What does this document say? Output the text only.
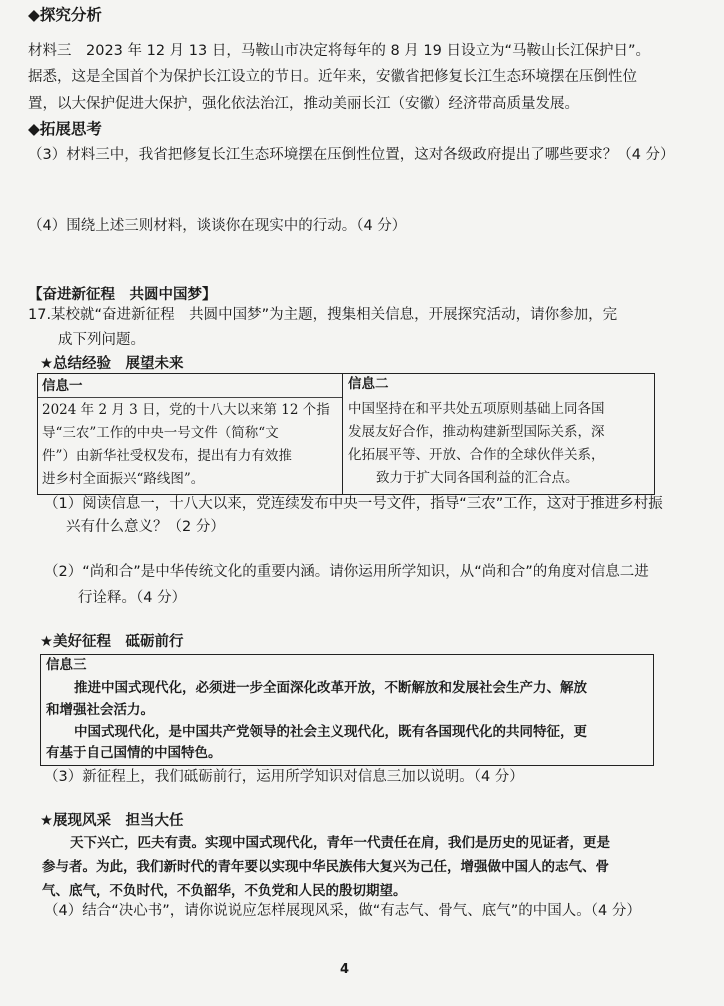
◆探究分析
材料三　2023 年 12 月 13 日，马鞍山市决定将每年的 8 月 19 日设立为“马鞍山长江保护日”。
据悉，这是全国首个为保护长江设立的节日。近年来，安徽省把修复长江生态环境摆在压倒性位
置，以大保护促进大保护，强化依法治江，推动美丽长江（安徽）经济带高质量发展。
◆拓展思考
（3）材料三中，我省把修复长江生态环境摆在压倒性位置，这对各级政府提出了哪些要求？（4 分）
（4）围绕上述三则材料，谈谈你在现实中的行动。（4 分）
【奋进新征程　共圆中国梦】
17.某校就“奋进新征程　共圆中国梦”为主题，搜集相关信息，开展探究活动，请你参加，完
成下列问题。
★总结经验　展望未来
信息一
2024 年 2 月 3 日，党的十八大以来第 12 个指
导“三农”工作的中央一号文件（简称“文
件”）由新华社受权发布，提出有力有效推
进乡村全面振兴“路线图”。
信息二
中国坚持在和平共处五项原则基础上同各国
发展友好合作，推动构建新型国际关系，深
化拓展平等、开放、合作的全球伙伴关系，
致力于扩大同各国利益的汇合点。
（1）阅读信息一，十八大以来，党连续发布中央一号文件，指导“三农”工作，这对于推进乡村振
兴有什么意义？（2 分）
（2）“尚和合”是中华传统文化的重要内涵。请你运用所学知识，从“尚和合”的角度对信息二进
行诠释。（4 分）
★美好征程　砥砺前行
信息三
推进中国式现代化，必须进一步全面深化改革开放，不断解放和发展社会生产力、解放
和增强社会活力。
中国式现代化，是中国共产党领导的社会主义现代化，既有各国现代化的共同特征，更
有基于自己国情的中国特色。
（3）新征程上，我们砥砺前行，运用所学知识对信息三加以说明。（4 分）
★展现风采　担当大任
天下兴亡，匹夫有责。实现中国式现代化，青年一代责任在肩，我们是历史的见证者，更是
参与者。为此，我们新时代的青年要以实现中华民族伟大复兴为己任，增强做中国人的志气、骨
气、底气，不负时代，不负韶华，不负党和人民的殷切期望。
（4）结合“决心书”，请你说说应怎样展现风采，做“有志气、骨气、底气”的中国人。（4 分）
4
